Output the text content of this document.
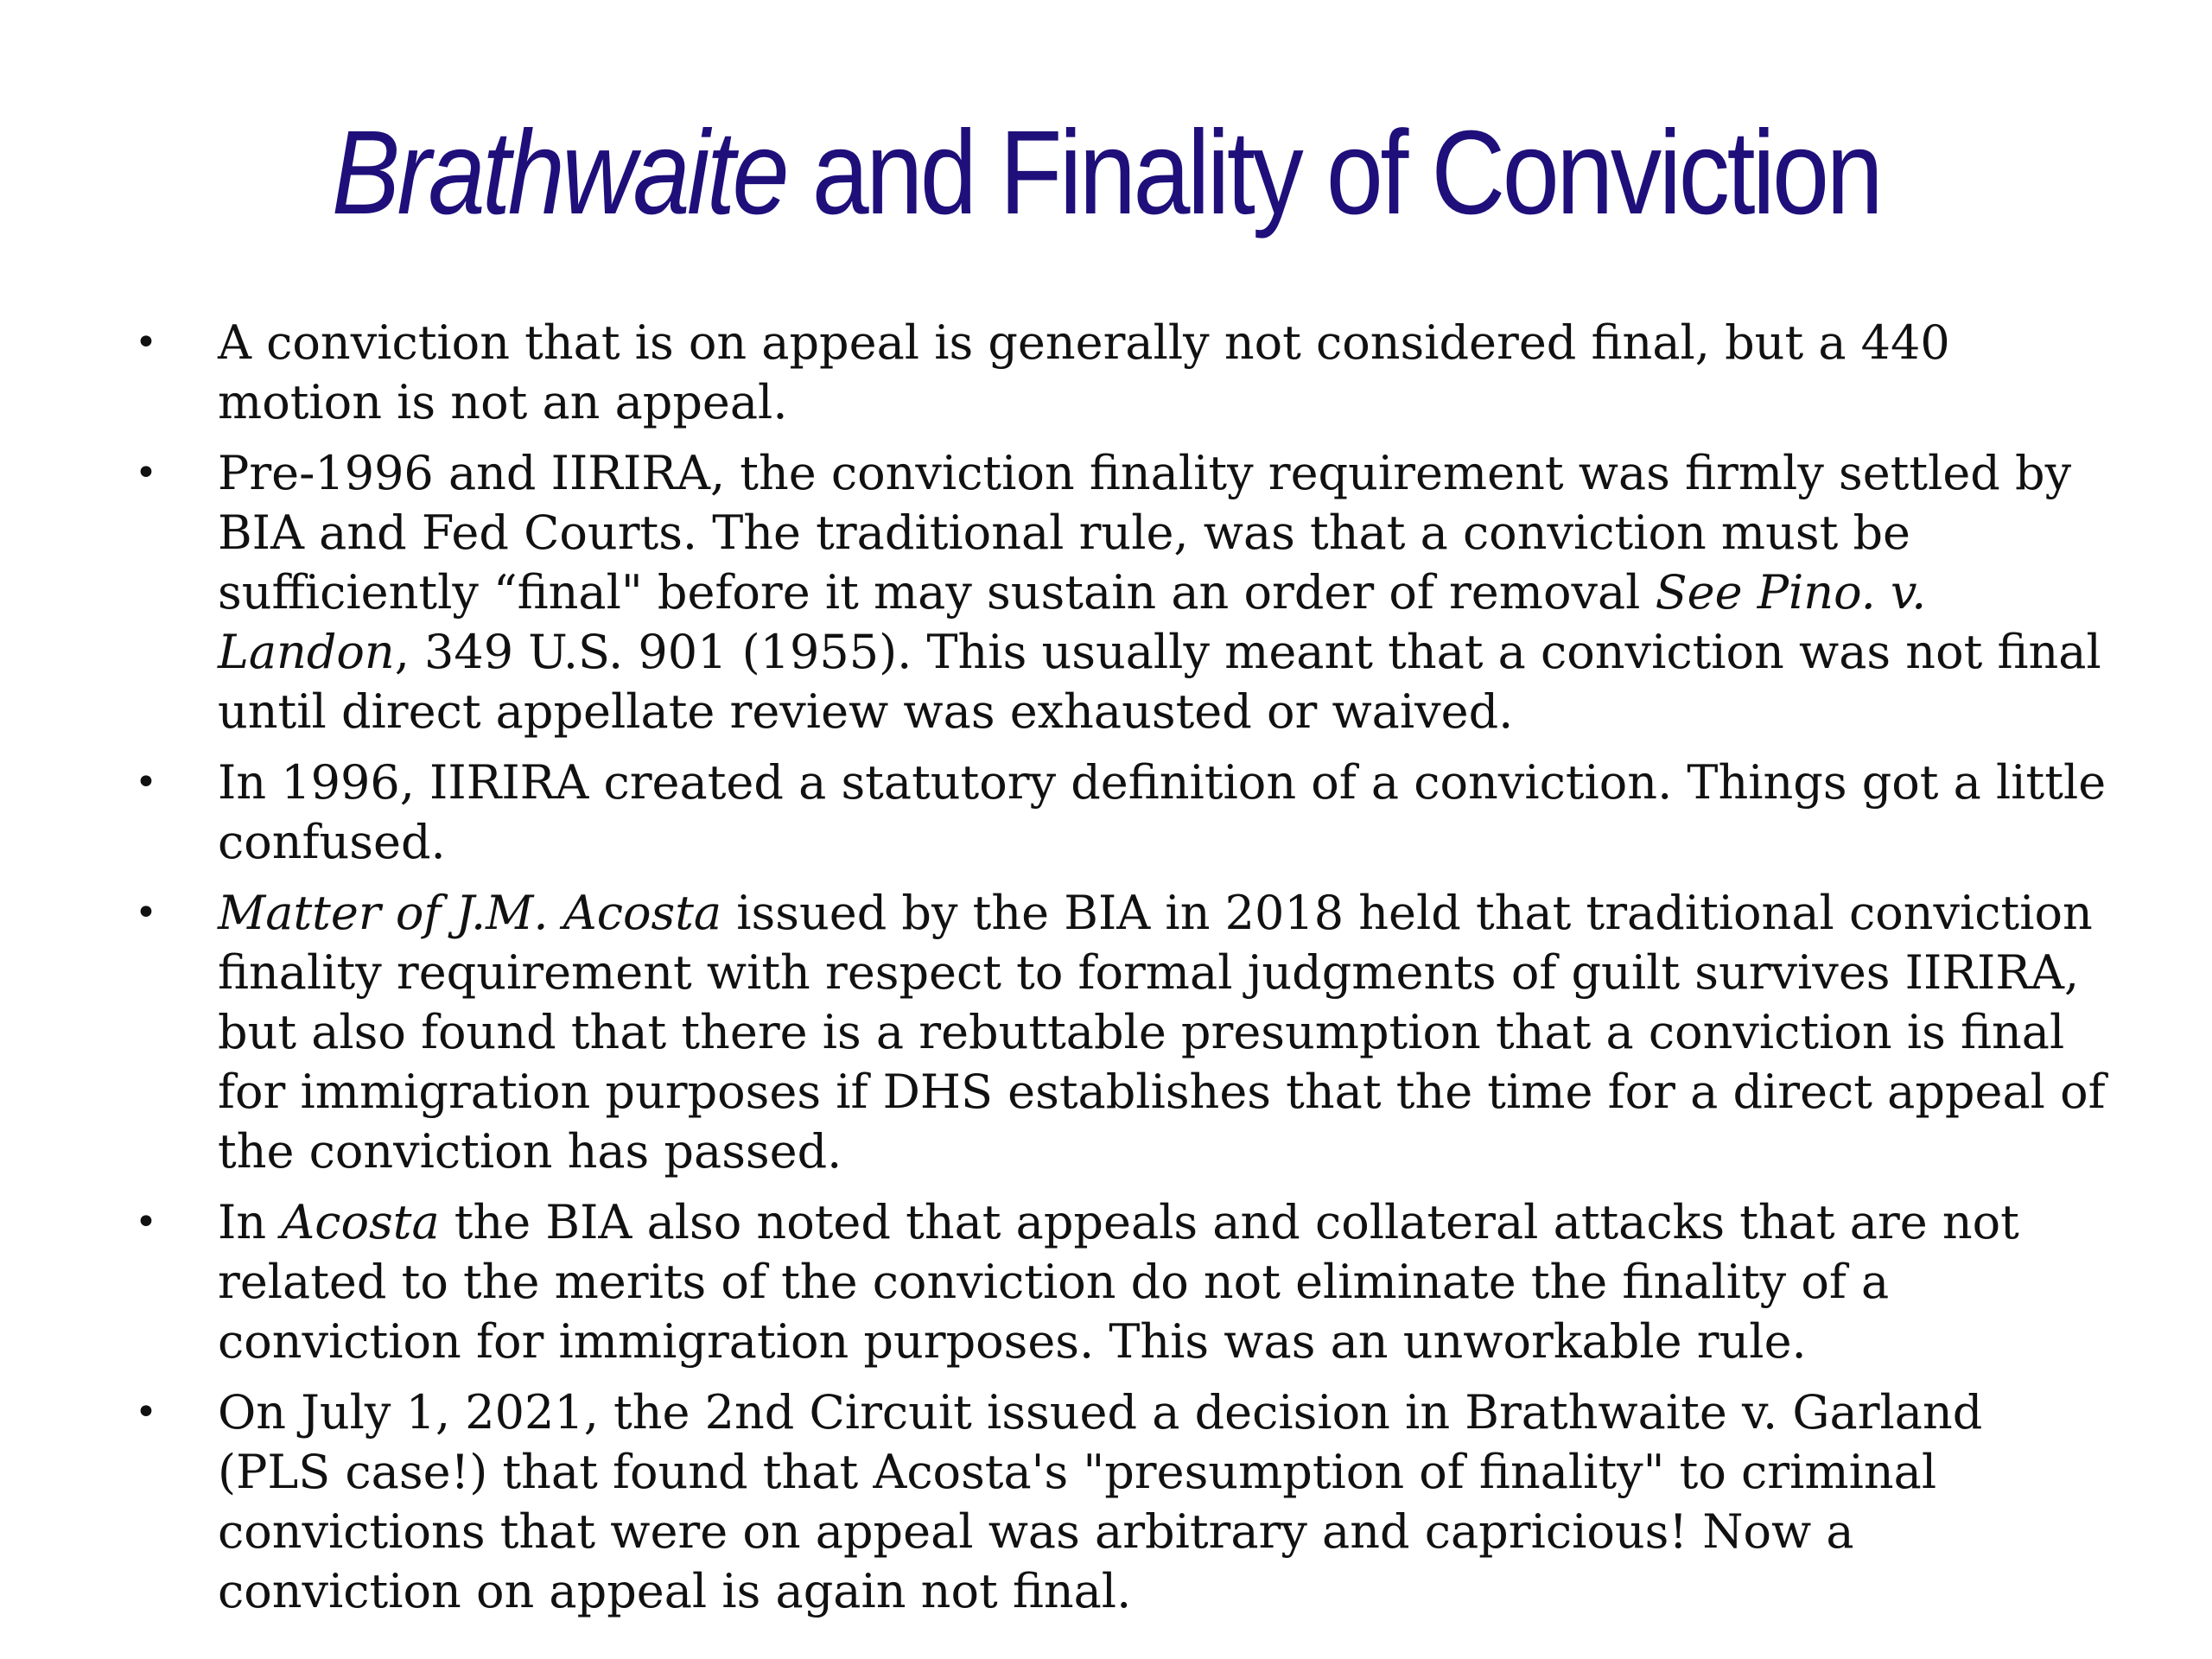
Brathwaite and Finality of Conviction
• A conviction that is on appeal is generally not considered final, but a 440 motion is not an appeal.
• Pre-1996 and IIRIRA, the conviction finality requirement was firmly settled by BIA and Fed Courts. The traditional rule, was that a conviction must be sufficiently “final" before it may sustain an order of removal See Pino. v. Landon, 349 U.S. 901 (1955). This usually meant that a conviction was not final until direct appellate review was exhausted or waived.
• In 1996, IIRIRA created a statutory definition of a conviction. Things got a little confused.
• Matter of J.M. Acosta issued by the BIA in 2018 held that traditional conviction finality requirement with respect to formal judgments of guilt survives IIRIRA, but also found that there is a rebuttable presumption that a conviction is final for immigration purposes if DHS establishes that the time for a direct appeal of the conviction has passed.
• In Acosta the BIA also noted that appeals and collateral attacks that are not related to the merits of the conviction do not eliminate the finality of a conviction for immigration purposes. This was an unworkable rule.
• On July 1, 2021, the 2nd Circuit issued a decision in Brathwaite v. Garland (PLS case!) that found that Acosta's "presumption of finality" to criminal convictions that were on appeal was arbitrary and capricious! Now a conviction on appeal is again not final.
